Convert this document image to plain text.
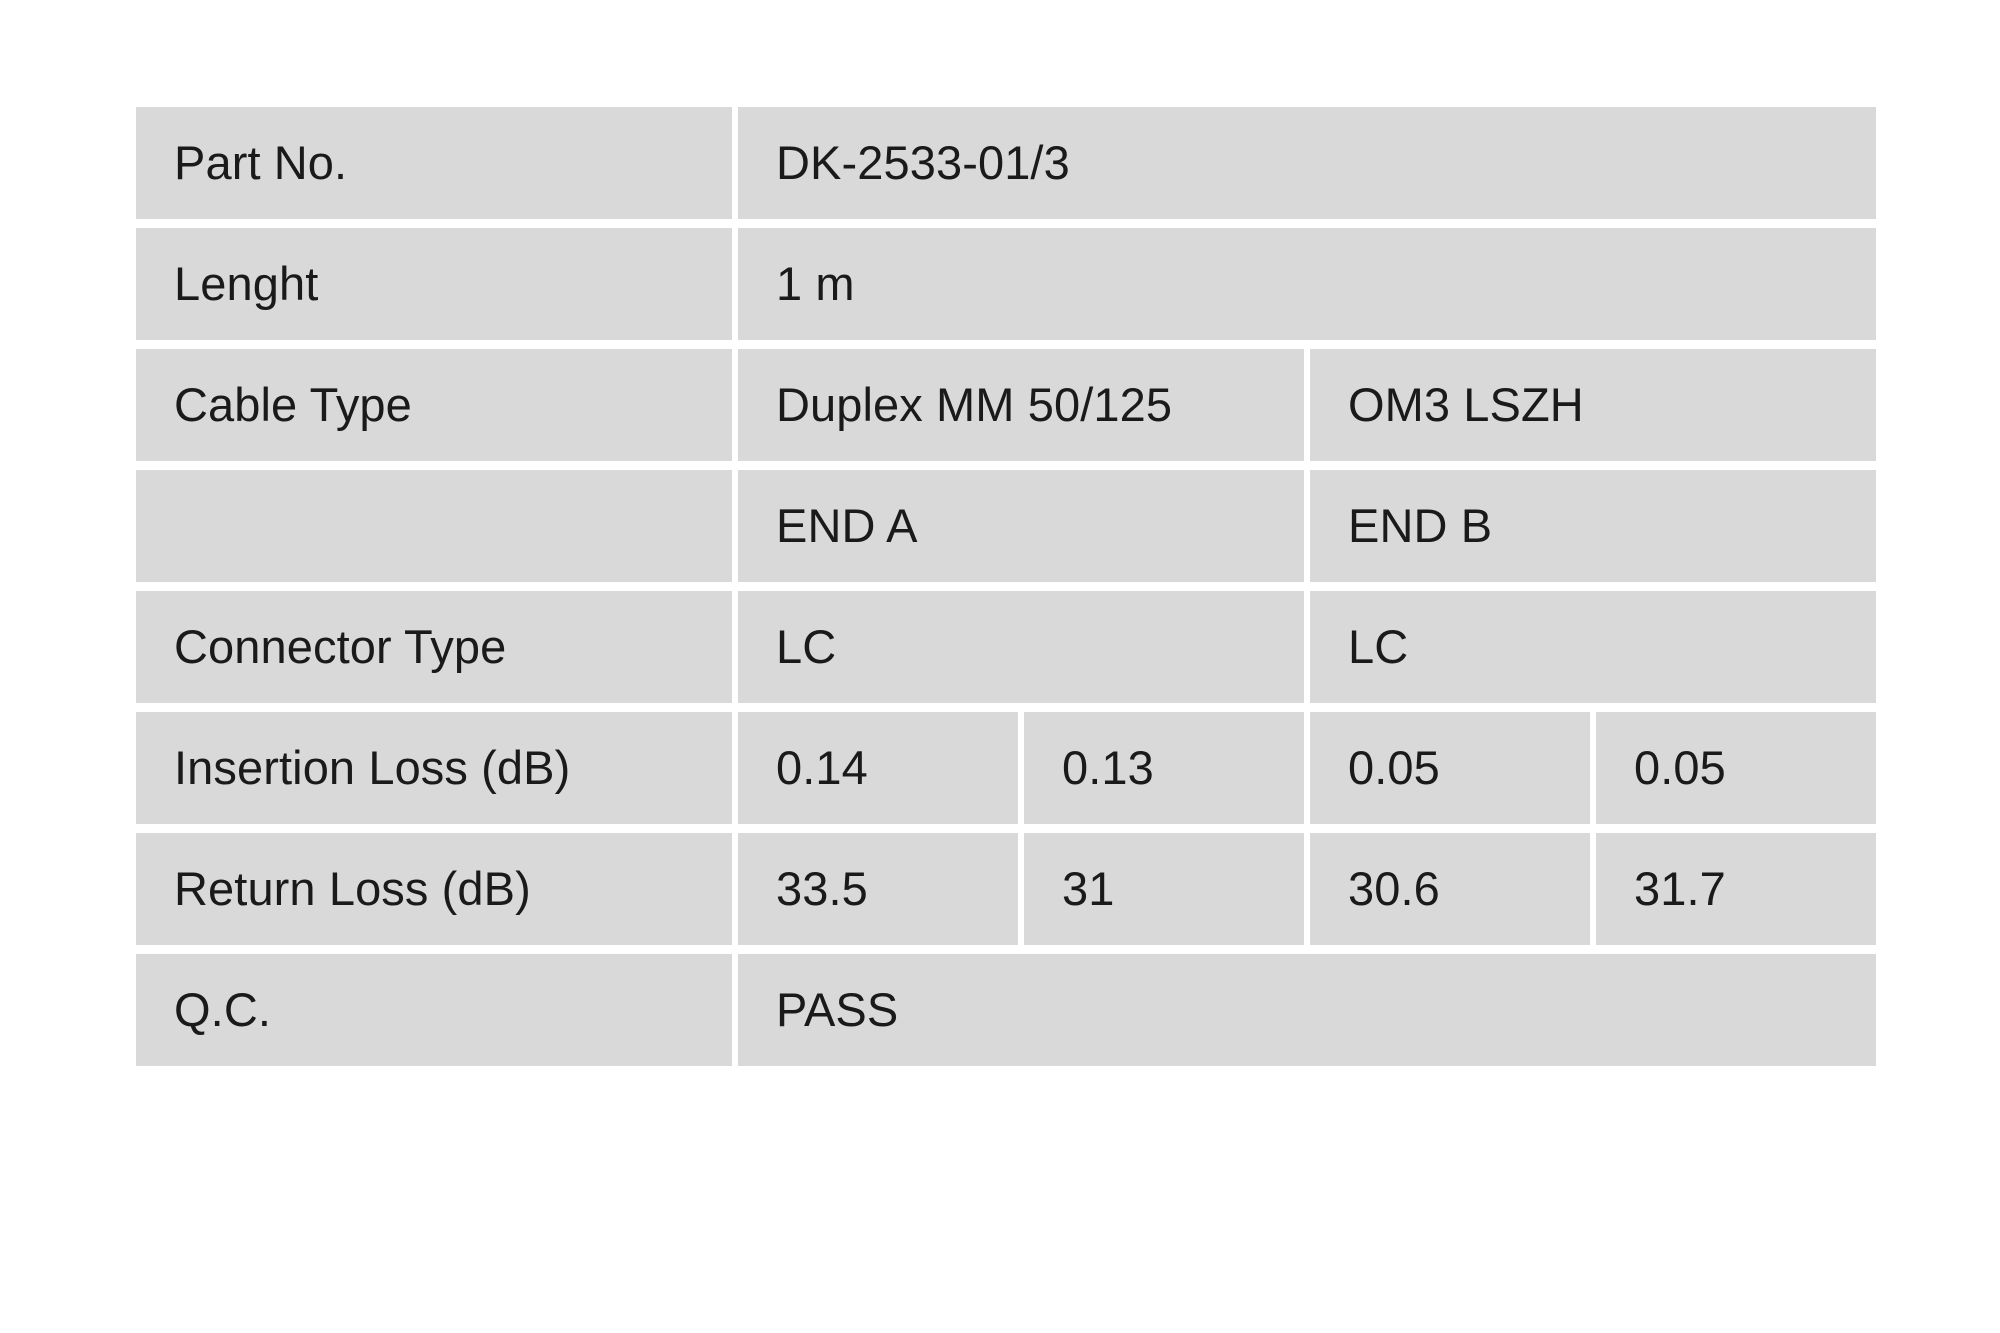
Part No.	DK-2533-01/3			
Lenght	1 m			
Cable Type	Duplex MM 50/125		OM3 LSZH	
	END A		END B	
Connector Type	LC		LC	
Insertion Loss (dB)	0.14	0.13	0.05	0.05
Return Loss (dB)	33.5	31	30.6	31.7
Q.C.	PASS			
